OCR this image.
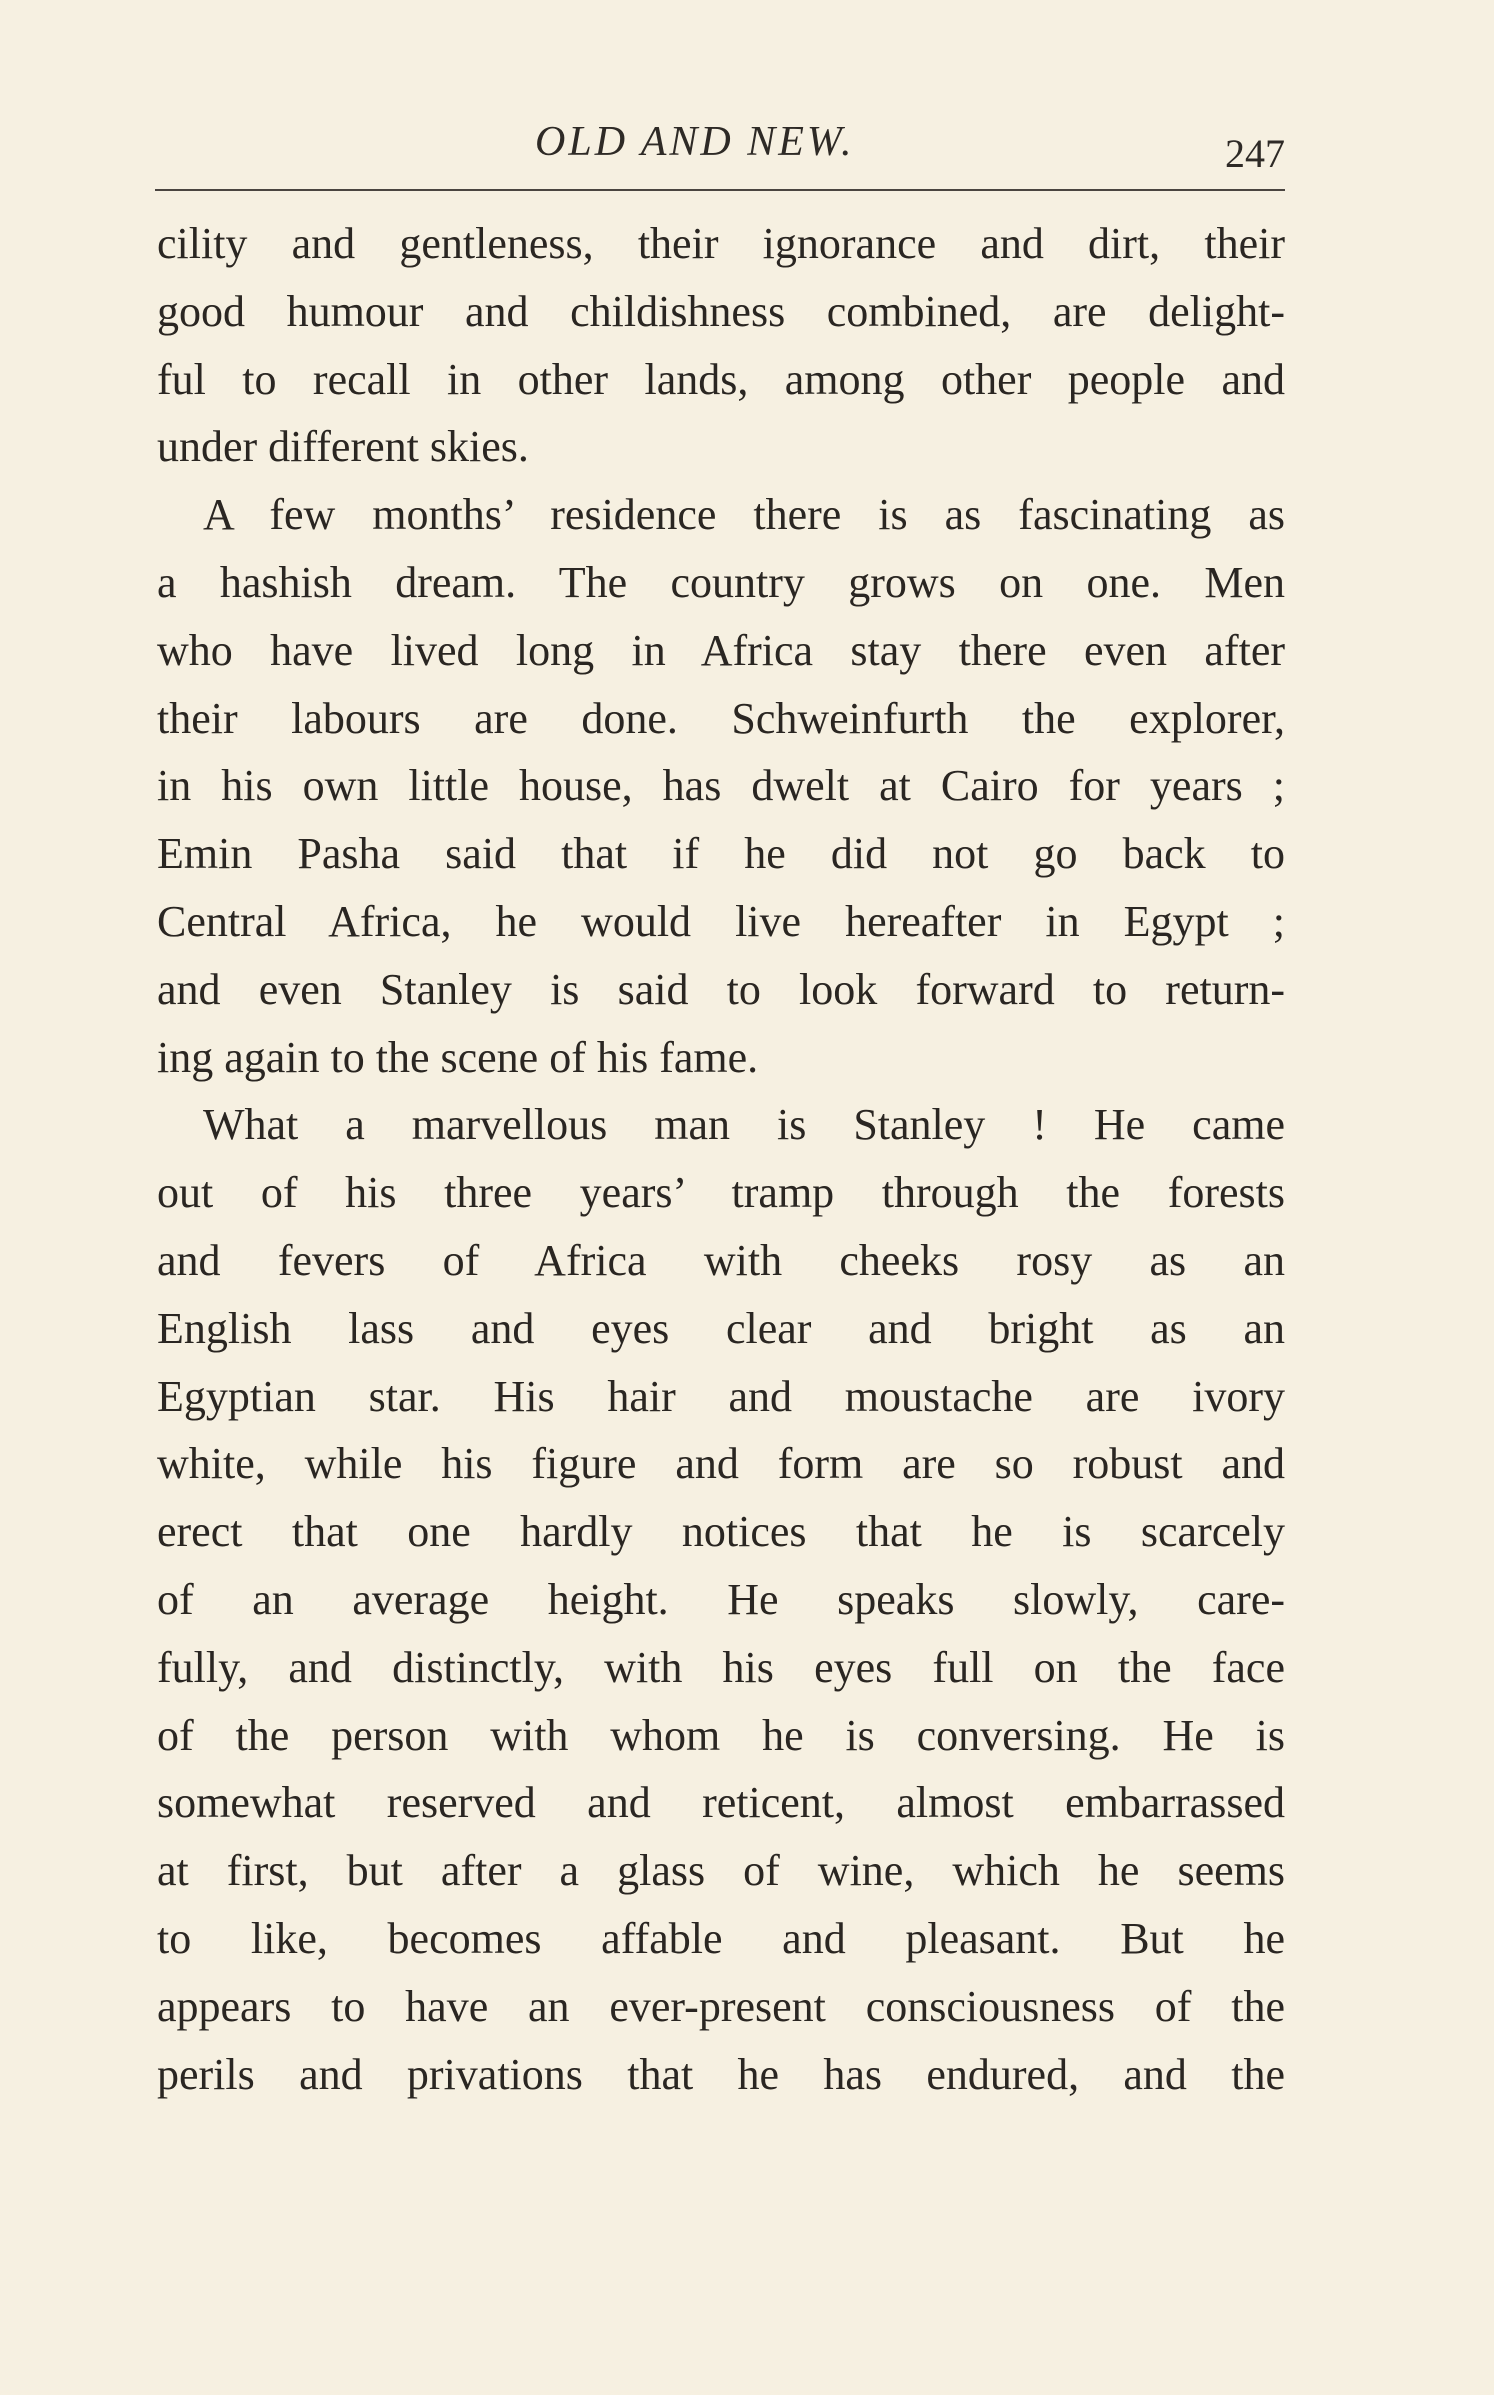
OLD AND NEW.	247
cility and gentleness, their ignorance and dirt, their
good humour and childishness combined, are delight-
ful to recall in other lands, among other people and
under different skies.
A few months’ residence there is as fascinating as
a hashish dream. The country grows on one. Men
who have lived long in Africa stay there even after
their labours are done. Schweinfurth the explorer,
in his own little house, has dwelt at Cairo for years ;
Emin Pasha said that if he did not go back to
Central Africa, he would live hereafter in Egypt ;
and even Stanley is said to look forward to return-
ing again to the scene of his fame.
What a marvellous man is Stanley ! He came
out of his three years’ tramp through the forests
and fevers of Africa with cheeks rosy as an
English lass and eyes clear and bright as an
Egyptian star. His hair and moustache are ivory
white, while his figure and form are so robust and
erect that one hardly notices that he is scarcely
of an average height. He speaks slowly, care-
fully, and distinctly, with his eyes full on the face
of the person with whom he is conversing. He is
somewhat reserved and reticent, almost embarrassed
at first, but after a glass of wine, which he seems
to like, becomes affable and pleasant. But he
appears to have an ever-present consciousness of the
perils and privations that he has endured, and the
